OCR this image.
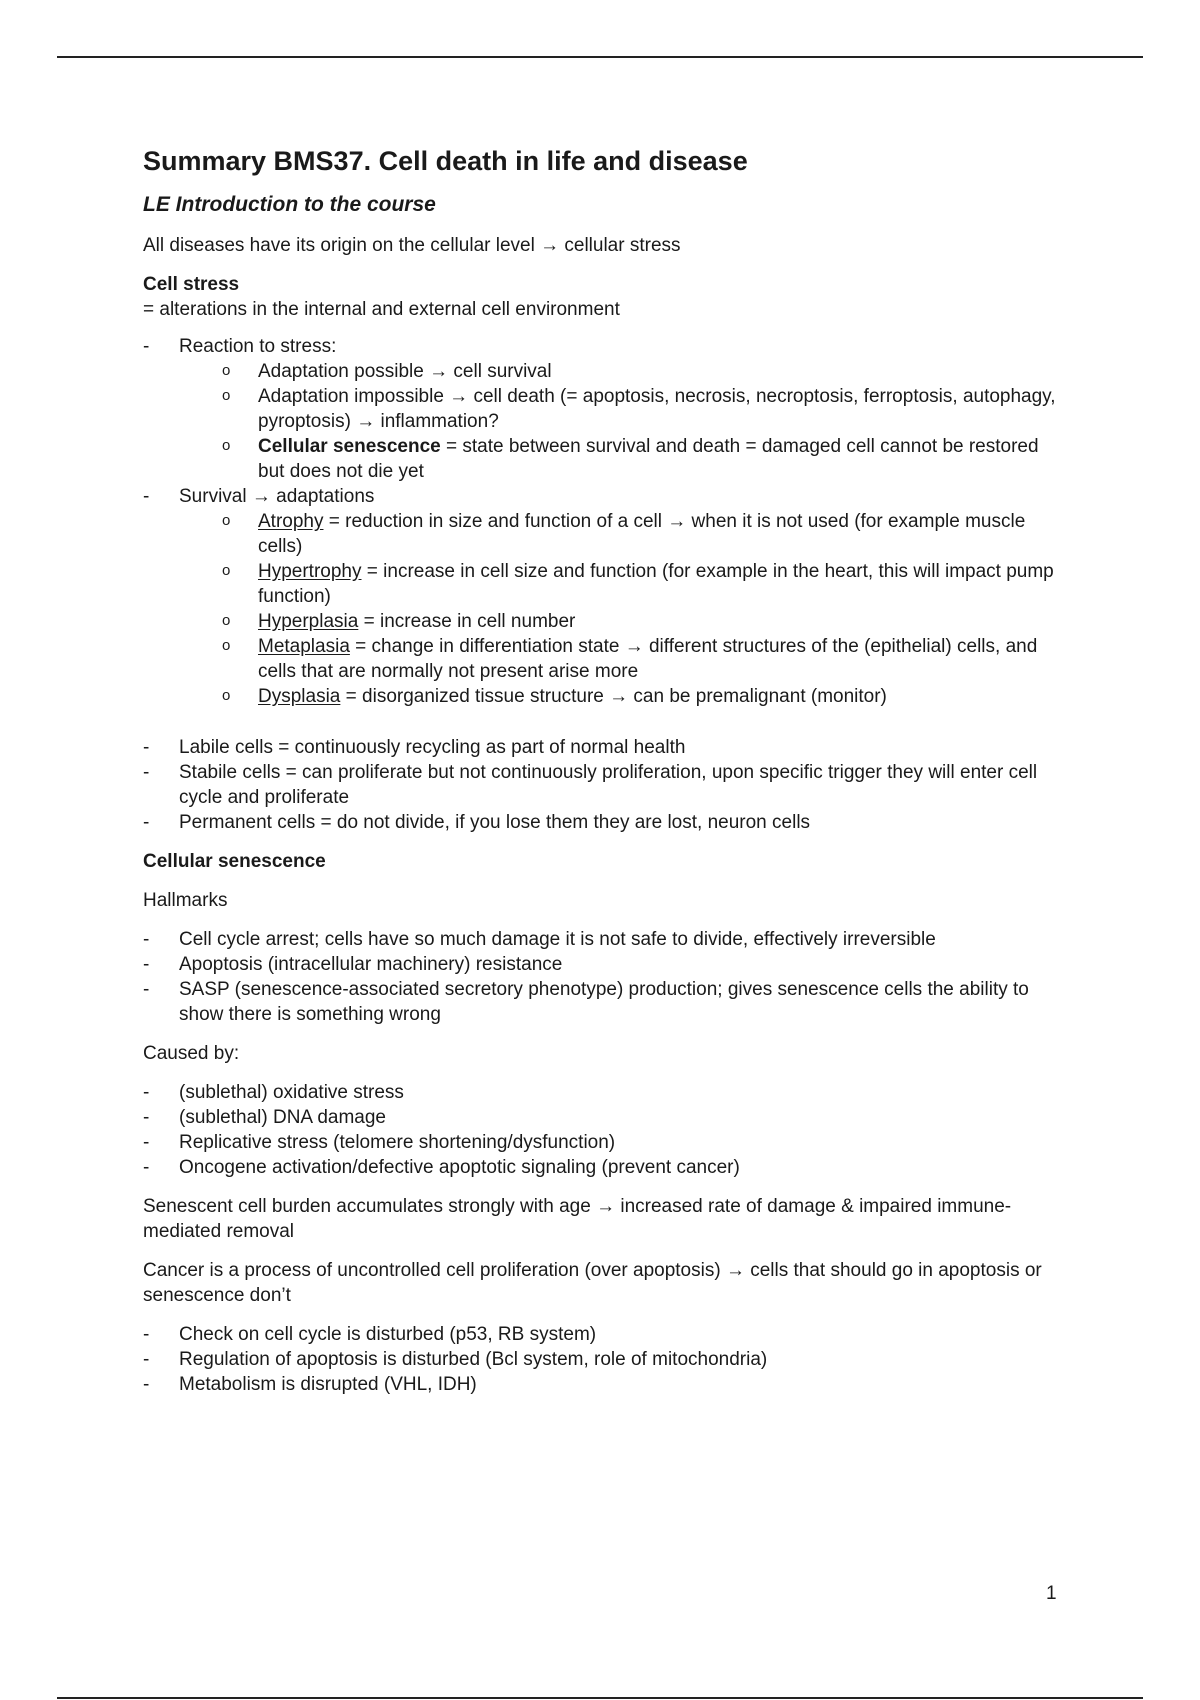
Summary BMS37. Cell death in life and disease
LE Introduction to the course

All diseases have its origin on the cellular level → cellular stress

Cell stress

= alterations in the internal and external cell environment

- Reaction to stress:
o Adaptation possible → cell survival
o Adaptation impossible → cell death (= apoptosis, necrosis, necroptosis, ferroptosis, autophagy, pyroptosis) → inflammation?
o Cellular senescence = state between survival and death = damaged cell cannot be restored but does not die yet
- Survival → adaptations
o Atrophy = reduction in size and function of a cell → when it is not used (for example muscle cells)
o Hypertrophy = increase in cell size and function (for example in the heart, this will impact pump function)
o Hyperplasia = increase in cell number
o Metaplasia = change in differentiation state → different structures of the (epithelial) cells, and cells that are normally not present arise more
o Dysplasia = disorganized tissue structure → can be premalignant (monitor)
- Labile cells = continuously recycling as part of normal health
- Stabile cells = can proliferate but not continuously proliferation, upon specific trigger they will enter cell cycle and proliferate
- Permanent cells = do not divide, if you lose them they are lost, neuron cells

Cellular senescence

Hallmarks

- Cell cycle arrest; cells have so much damage it is not safe to divide, effectively irreversible
- Apoptosis (intracellular machinery) resistance
- SASP (senescence-associated secretory phenotype) production; gives senescence cells the ability to show there is something wrong

Caused by:

- (sublethal) oxidative stress
- (sublethal) DNA damage
- Replicative stress (telomere shortening/dysfunction)
- Oncogene activation/defective apoptotic signaling (prevent cancer)

Senescent cell burden accumulates strongly with age → increased rate of damage & impaired immune-mediated removal

Cancer is a process of uncontrolled cell proliferation (over apoptosis) → cells that should go in apoptosis or senescence don’t

- Check on cell cycle is disturbed (p53, RB system)
- Regulation of apoptosis is disturbed (Bcl system, role of mitochondria)
- Metabolism is disrupted (VHL, IDH)
1
